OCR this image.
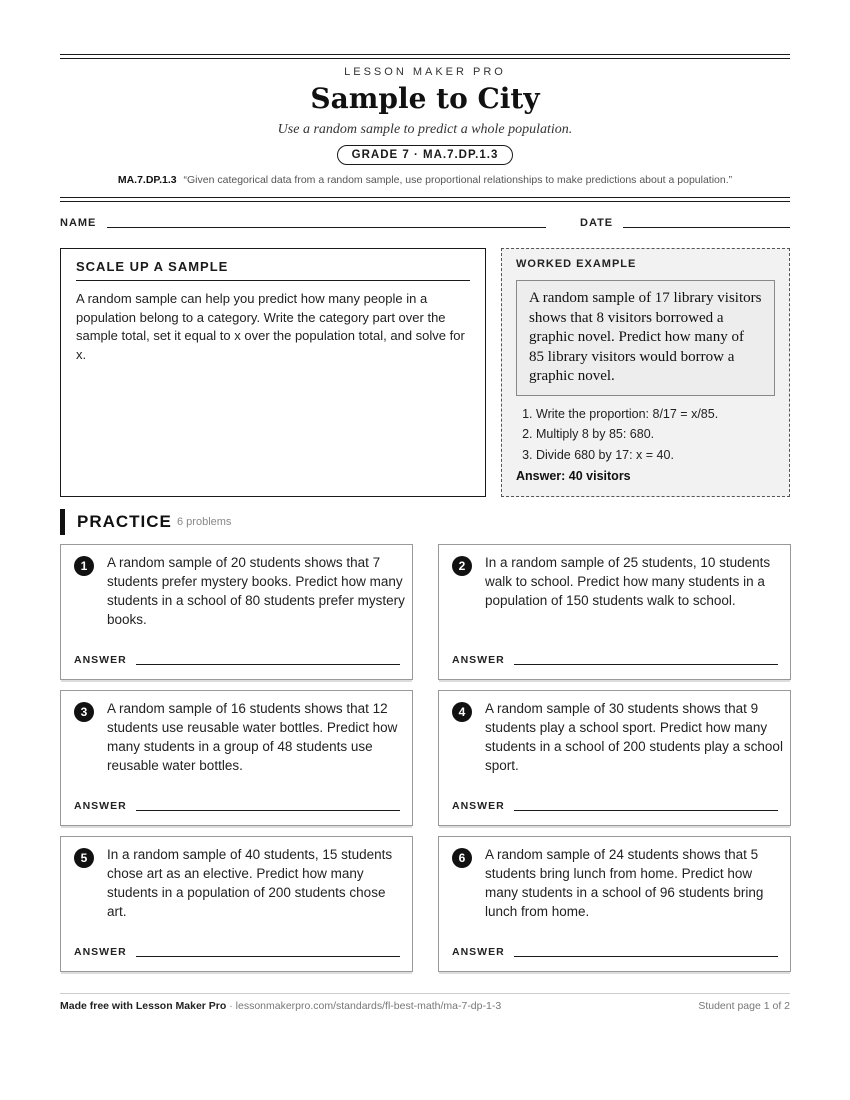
LESSON MAKER PRO
Sample to City
Use a random sample to predict a whole population.
GRADE 7 · MA.7.DP.1.3
MA.7.DP.1.3 “Given categorical data from a random sample, use proportional relationships to make predictions about a population.”
NAME	DATE
SCALE UP A SAMPLE

A random sample can help you predict how many people in a population belong to a category. Write the category part over the sample total, set it equal to x over the population total, and solve for x.

WORKED EXAMPLE
A random sample of 17 library visitors shows that 8 visitors borrowed a graphic novel. Predict how many of 85 library visitors would borrow a graphic novel.
1. Write the proportion: 8/17 = x/85.
2. Multiply 8 by 85: 680.
3. Divide 680 by 17: x = 40.
Answer: 40 visitors
PRACTICE 6 problems
1	A random sample of 20 students shows that 7 students prefer mystery books. Predict how many students in a school of 80 students prefer mystery books.
ANSWER
2	In a random sample of 25 students, 10 students walk to school. Predict how many students in a population of 150 students walk to school.
ANSWER
3	A random sample of 16 students shows that 12 students use reusable water bottles. Predict how many students in a group of 48 students use reusable water bottles.
ANSWER
4	A random sample of 30 students shows that 9 students play a school sport. Predict how many students in a school of 200 students play a school sport.
ANSWER
5	In a random sample of 40 students, 15 students chose art as an elective. Predict how many students in a population of 200 students chose art.
ANSWER
6	A random sample of 24 students shows that 5 students bring lunch from home. Predict how many students in a school of 96 students bring lunch from home.
ANSWER
Made free with Lesson Maker Pro · lessonmakerpro.com/standards/fl-best-math/ma-7-dp-1-3	Student page 1 of 2
